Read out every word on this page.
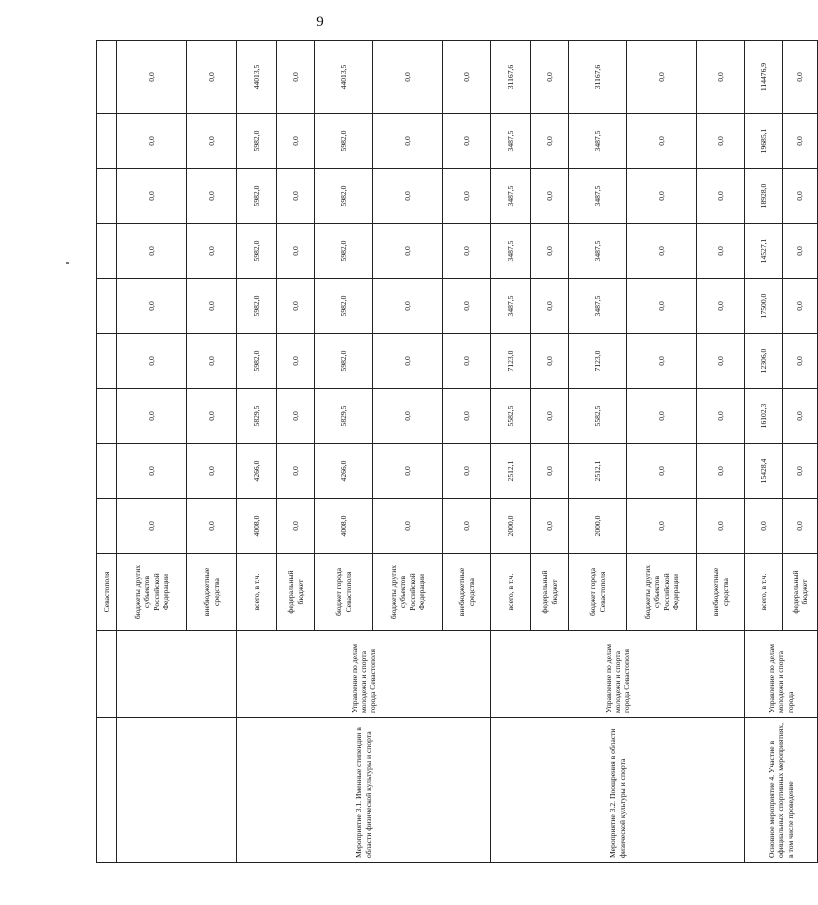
9
		Севастополя									
		бюджеты других субъектов Российской Федерации	0,0	0,0	0,0	0,0	0,0	0,0	0,0	0,0	0,0
		внебюджетные средства	0,0	0,0	0,0	0,0	0,0	0,0	0,0	0,0	0,0
Мероприятие 3.1. Именные стипендии в области физической культуры и спорта	Управление по делам молодежи и спорта города Севастополя	всего, в т.ч.	4008,0	4266,0	5829,5	5982,0	5982,0	5982,0	5982,0	5982,0	44013,5
		федеральный бюджет	0,0	0,0	0,0	0,0	0,0	0,0	0,0	0,0	0,0
		бюджет города Севастополя	4008,0	4266,0	5829,5	5982,0	5982,0	5982,0	5982,0	5982,0	44013,5
		бюджеты других субъектов Российской Федерации	0,0	0,0	0,0	0,0	0,0	0,0	0,0	0,0	0,0
		внебюджетные средства	0,0	0,0	0,0	0,0	0,0	0,0	0,0	0,0	0,0
Мероприятие 3.2. Поощрения в области физической культуры и спорта	Управление по делам молодежи и спорта города Севастополя	всего, в т.ч.	2000,0	2512,1	5582,5	7123,0	3487,5	3487,5	3487,5	3487,5	31167,6
		федеральный бюджет	0,0	0,0	0,0	0,0	0,0	0,0	0,0	0,0	0,0
		бюджет города Севастополя	2000,0	2512,1	5582,5	7123,0	3487,5	3487,5	3487,5	3487,5	31167,6
		бюджеты других субъектов Российской Федерации	0,0	0,0	0,0	0,0	0,0	0,0	0,0	0,0	0,0
		внебюджетные средства	0,0	0,0	0,0	0,0	0,0	0,0	0,0	0,0	0,0
Основное мероприятие 4. Участие в официальных спортивных мероприятиях, в том числе проведение	Управление по делам молодежи и спорта города	всего, в т.ч.	0,0	15428,4	16102,3	12306,0	17500,0	14527,1	18928,0	19685,1	114476,9
		федеральный бюджет	0,0	0,0	0,0	0,0	0,0	0,0	0,0	0,0	0,0
